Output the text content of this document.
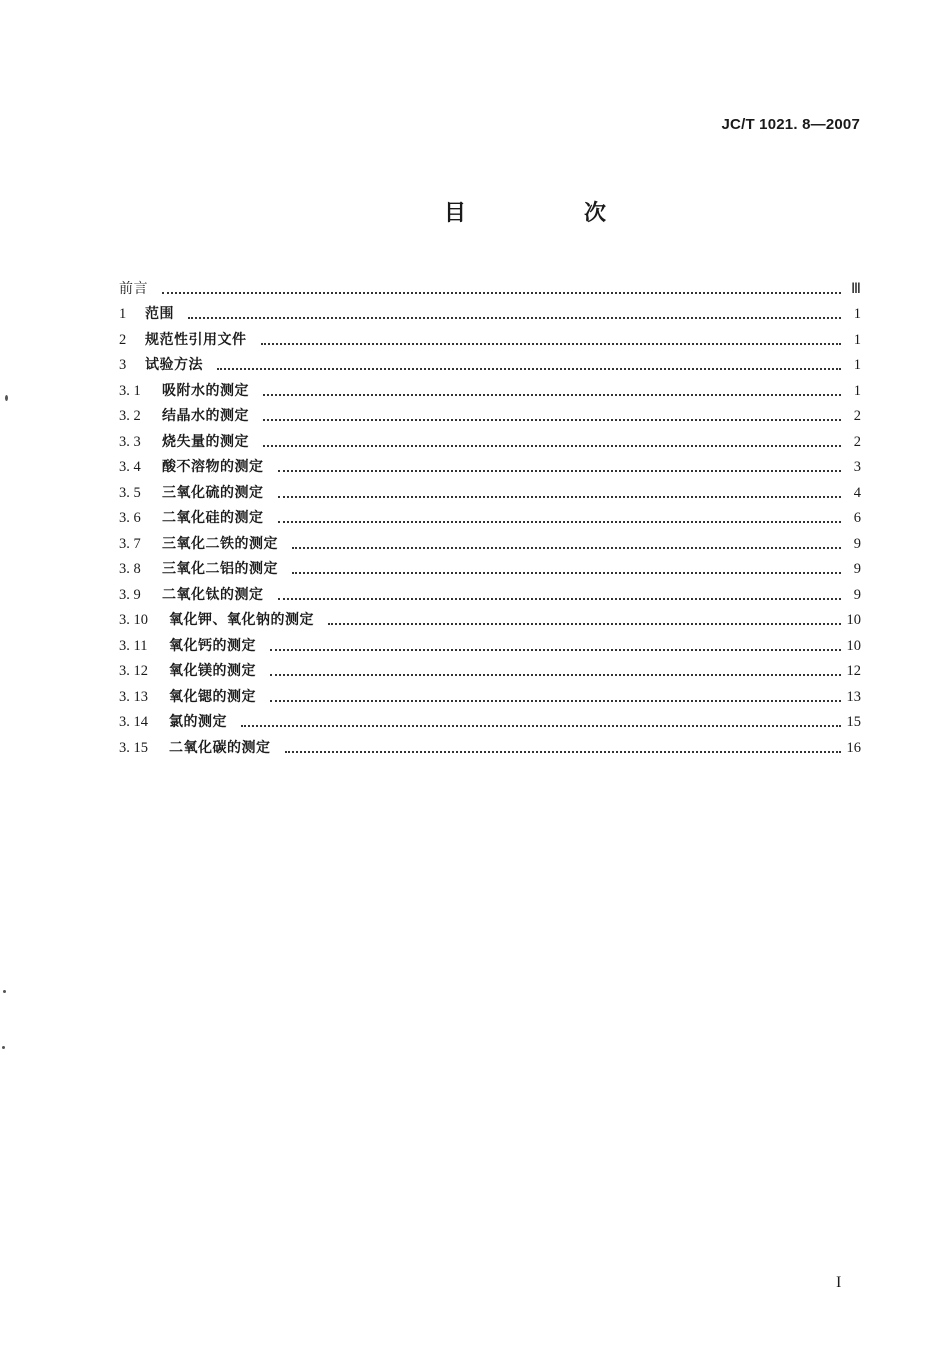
JC/T 1021. 8—2007
目　次
前言	Ⅲ
1	范围	1
2	规范性引用文件	1
3	试验方法	1
3. 1	吸附水的测定	1
3. 2	结晶水的测定	2
3. 3	烧失量的测定	2
3. 4	酸不溶物的测定	3
3. 5	三氧化硫的测定	4
3. 6	二氧化硅的测定	6
3. 7	三氧化二铁的测定	9
3. 8	三氧化二铝的测定	9
3. 9	二氧化钛的测定	9
3. 10	氧化钾、氧化钠的测定	10
3. 11	氧化钙的测定	10
3. 12	氧化镁的测定	12
3. 13	氧化锶的测定	13
3. 14	氯的测定	15
3. 15	二氧化碳的测定	16
I
